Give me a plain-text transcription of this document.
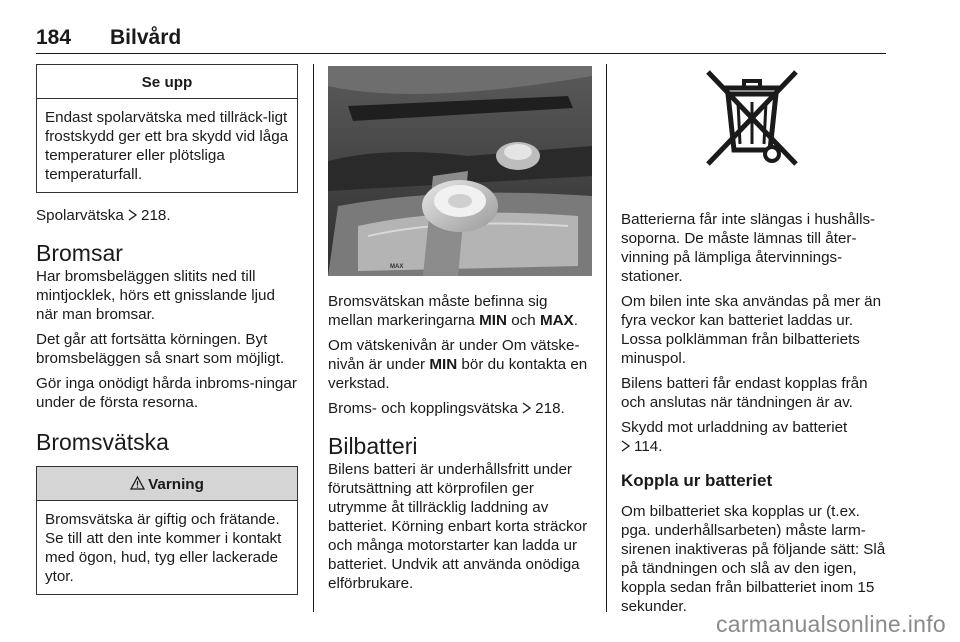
184 Bilvård
Se upp
Endast spolarvätska med tillräck-ligt frostskydd ger ett bra skydd vid låga temperaturer eller plötsliga temperaturfall.

Spolarvätska 218.

Bromsar

Har bromsbeläggen slitits ned till mintjocklek, hörs ett gnisslande ljud när man bromsar.

Det går att fortsätta körningen. Byt bromsbeläggen så snart som möjligt.

Gör inga onödigt hårda inbroms-ningar under de första resorna.

Bromsvätska
Varning
Bromsvätska är giftig och frätande. Se till att den inte kommer i kontakt med ögon, hud, tyg eller lackerade ytor.
MAX

Bromsvätskan måste befinna sig mellan markeringarna MIN och MAX.

Om vätskenivån är under Om vätske-nivån är under MIN bör du kontakta en verkstad.

Broms- och kopplingsvätska 218.

Bilbatteri

Bilens batteri är underhållsfritt under förutsättning att körprofilen ger utrymme åt tillräcklig laddning av batteriet. Körning enbart korta sträckor och många motorstarter kan ladda ur batteriet. Undvik att använda onödiga elförbrukare.

Batterierna får inte slängas i hushålls-soporna. De måste lämnas till åter-vinning på lämpliga återvinnings-stationer.

Om bilen inte ska användas på mer än fyra veckor kan batteriet laddas ur. Lossa polklämman från bilbatteriets minuspol.

Bilens batteri får endast kopplas från och anslutas när tändningen är av.

Skydd mot urladdning av batteriet
114.

Koppla ur batteriet

Om bilbatteriet ska kopplas ur (t.ex. pga. underhållsarbeten) måste larm-sirenen inaktiveras på följande sätt: Slå på tändningen och slå av den igen, koppla sedan från bilbatteriet inom 15 sekunder.

carmanualsonline.info
